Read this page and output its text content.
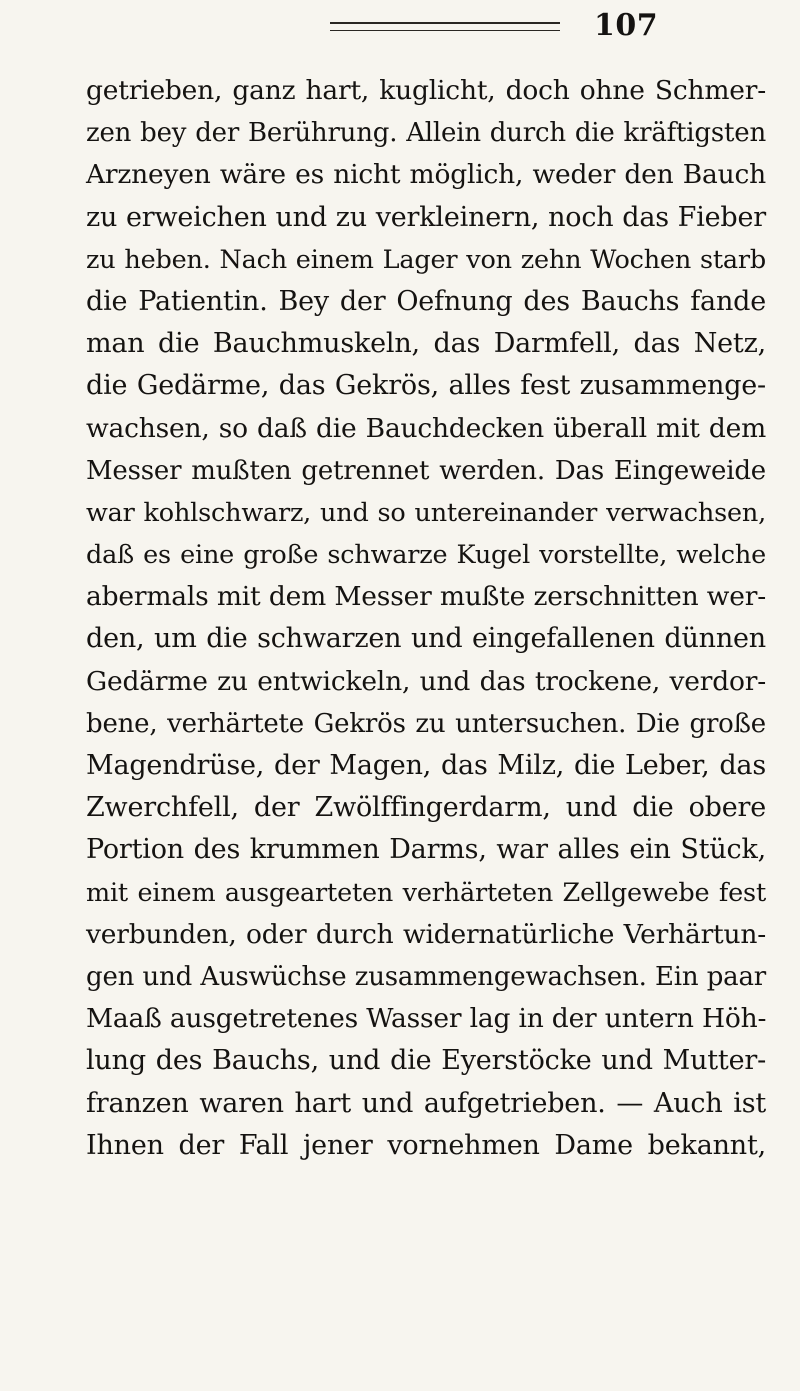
107
getrieben, ganz hart, kuglicht, doch ohne Schmer-
zen bey der Berührung. Allein durch die kräftigsten
Arzneyen wäre es nicht möglich, weder den Bauch
zu erweichen und zu verkleinern, noch das Fieber
zu heben. Nach einem Lager von zehn Wochen starb
die Patientin. Bey der Oefnung des Bauchs fande
man die Bauchmuskeln, das Darmfell, das Netz,
die Gedärme, das Gekrös, alles fest zusammenge-
wachsen, so daß die Bauchdecken überall mit dem
Messer mußten getrennet werden. Das Eingeweide
war kohlschwarz, und so untereinander verwachsen,
daß es eine große schwarze Kugel vorstellte, welche
abermals mit dem Messer mußte zerschnitten wer-
den, um die schwarzen und eingefallenen dünnen
Gedärme zu entwickeln, und das trockene, verdor-
bene, verhärtete Gekrös zu untersuchen. Die große
Magendrüse, der Magen, das Milz, die Leber, das
Zwerchfell, der Zwölffingerdarm, und die obere
Portion des krummen Darms, war alles ein Stück,
mit einem ausgearteten verhärteten Zellgewebe fest
verbunden, oder durch widernatürliche Verhärtun-
gen und Auswüchse zusammengewachsen. Ein paar
Maaß ausgetretenes Wasser lag in der untern Höh-
lung des Bauchs, und die Eyerstöcke und Mutter-
franzen waren hart und aufgetrieben. — Auch ist
Ihnen der Fall jener vornehmen Dame bekannt,
